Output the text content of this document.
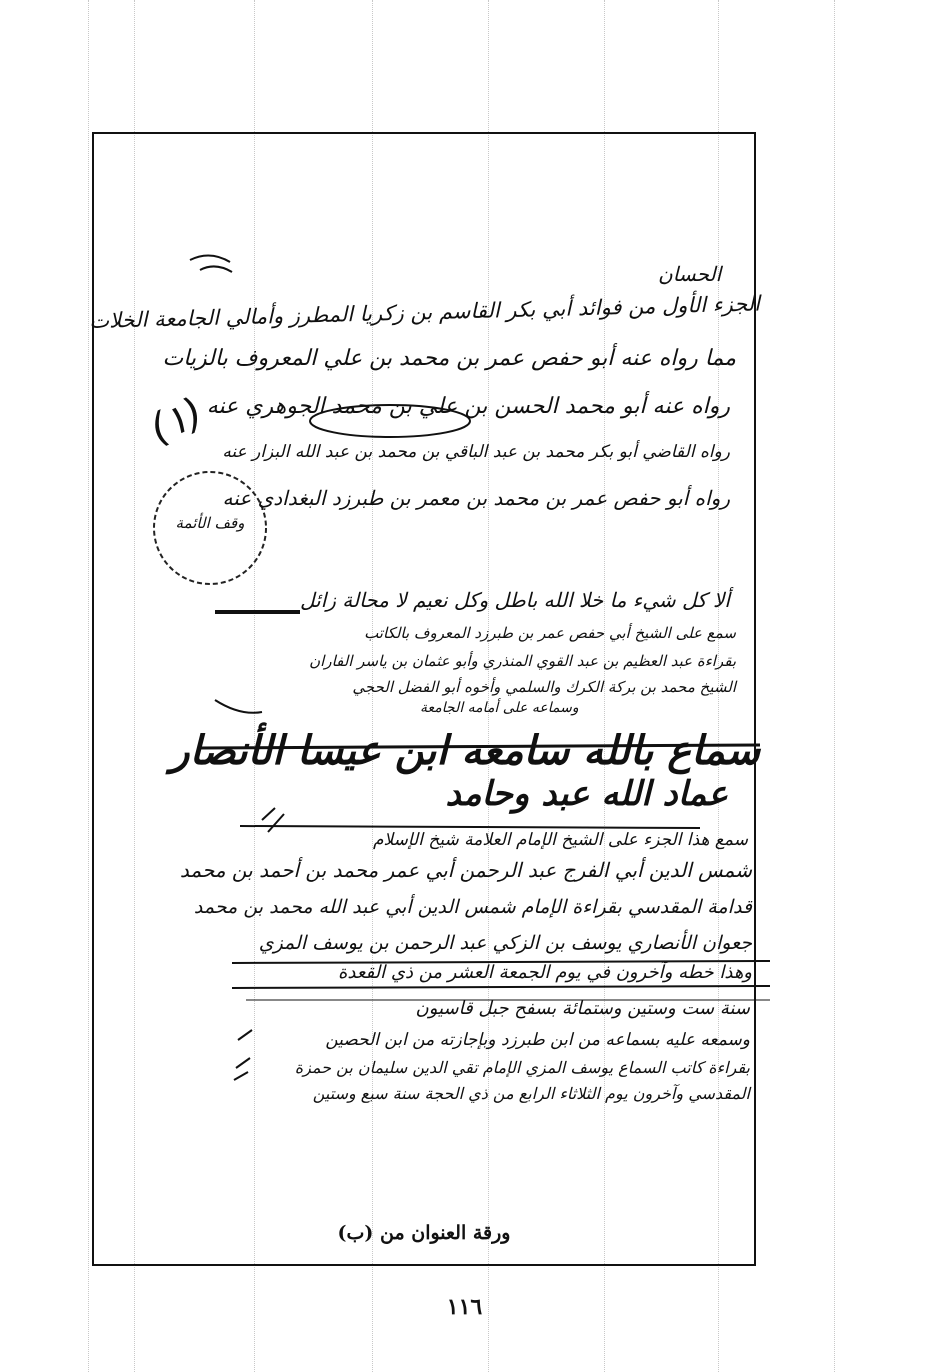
الحسان
الجزء الأول من فوائد أبي بكر القاسم بن زكريا المطرز وأمالي الجامعة الخلات
مما رواه عنه أبو حفص عمر بن محمد بن علي المعروف بالزيات
رواه عنه أبو محمد الحسن بن علي بن محمد الجوهري عنه
رواه القاضي أبو بكر محمد بن عبد الباقي بن محمد بن عبد الله البزار عنه
رواه أبو حفص عمر بن محمد بن معمر بن طبرزد البغدادي عنه
(١)
وقف الأئمة
ألا كل شيء ما خلا الله باطل وكل نعيم لا محالة زائل
سمع على الشيخ أبي حفص عمر بن طبرزد المعروف بالكاتب
بقراءة عبد العظيم بن عبد القوي المنذري وأبو عثمان بن ياسر الفاران
الشيخ محمد بن بركة الكرك والسلمي وأخوه أبو الفضل الحجي
وسماعه على أمامه الجامعة
سماع بالله سامعه ابن عيسا الأنصار
عماد الله عبد وحامد
سمع هذا الجزء على الشيخ الإمام العلامة شيخ الإسلام
شمس الدين أبي الفرج عبد الرحمن أبي عمر محمد بن أحمد بن محمد
قدامة المقدسي بقراءة الإمام شمس الدين أبي عبد الله محمد بن محمد
جعوان الأنصاري يوسف بن الزكي عبد الرحمن بن يوسف المزي
وهذا خطه وآخرون في يوم الجمعة العشر من ذي القعدة
سنة ست وستين وستمائة بسفح جبل قاسيون
وسمعه عليه بسماعه من ابن طبرزد وبإجازته من ابن الحصين
بقراءة كاتب السماع يوسف المزي الإمام تقي الدين سليمان بن حمزة
المقدسي وآخرون يوم الثلاثاء الرابع من ذي الحجة سنة سبع وستين
ورقة العنوان من (ب)
١١٦
